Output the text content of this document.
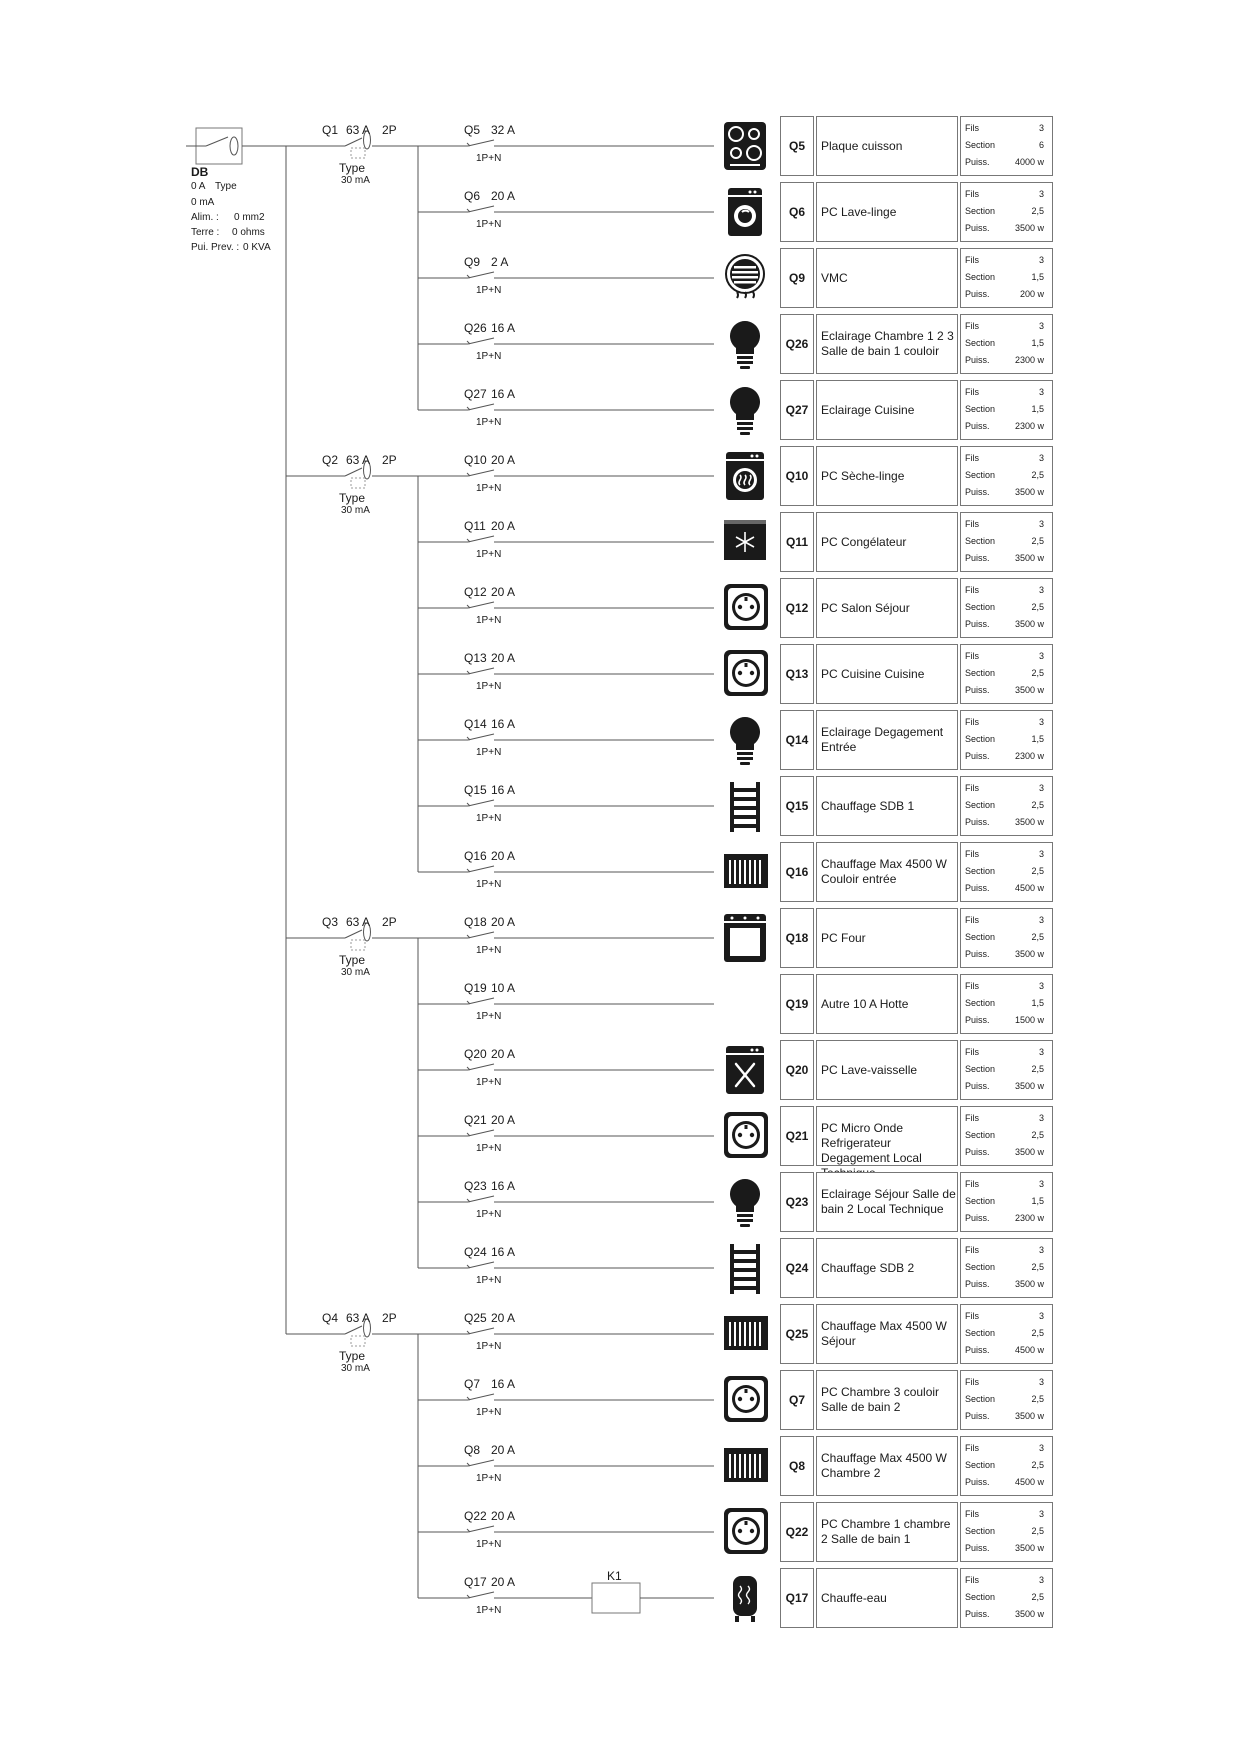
DB
0 A Type
0 mA
Alim. : 0 mm2
Terre : 0 ohms
Pui. Prev. : 0 KVA
Q1 63 A 2P
Type
30 mA
Q5 32 A
1P+N
Q5	Plaque cuisson
Fils	3
Section	6
Puiss.	4000 w
Q6 20 A
1P+N
Q6	PC Lave-linge
Fils	3
Section	2,5
Puiss.	3500 w
Q9 2 A
1P+N
Q9	VMC
Fils	3
Section	1,5
Puiss.	200 w
Q26 16 A
1P+N
Q26
Eclairage Chambre 1 2 3 Salle de bain 1 couloir
Fils	3
Section	1,5
Puiss.	2300 w
Q27 16 A
1P+N
Q27	Eclairage Cuisine
Fils	3
Section	1,5
Puiss.	2300 w
Q2 63 A 2P
Type
30 mA
Q10 20 A
1P+N
Q10	PC Sèche-linge
Fils	3
Section	2,5
Puiss.	3500 w
Q11 20 A
1P+N
Q11	PC Congélateur
Fils	3
Section	2,5
Puiss.	3500 w
Q12 20 A
1P+N
Q12	PC Salon Séjour
Fils	3
Section	2,5
Puiss.	3500 w
Q13 20 A
1P+N
Q13	PC Cuisine Cuisine
Fils	3
Section	2,5
Puiss.	3500 w
Q14 16 A
1P+N
Q14
Eclairage Degagement Entrée
Fils	3
Section	1,5
Puiss.	2300 w
Q15 16 A
1P+N
Q15	Chauffage SDB 1
Fils	3
Section	2,5
Puiss.	3500 w
Q16 20 A
1P+N
Q16
Chauffage Max 4500 W Couloir entrée
Fils	3
Section	2,5
Puiss.	4500 w
Q3 63 A 2P
Type
30 mA
Q18 20 A
1P+N
Q18	PC Four
Fils	3
Section	2,5
Puiss.	3500 w
Q19 10 A
1P+N
Q19	Autre 10 A Hotte
Fils	3
Section	1,5
Puiss.	1500 w
Q20 20 A
1P+N
Q20	PC Lave-vaisselle
Fils	3
Section	2,5
Puiss.	3500 w
Q21 20 A
1P+N
Q21
PC Micro Onde Refrigerateur Degagement Local
Fils	3
Section	2,5
Puiss.	3500 w
Q23 16 A
1P+N
Q23
Eclairage Séjour Salle de bain 2 Local Technique
Fils	3
Section	1,5
Puiss.	2300 w
Q24 16 A
1P+N
Q24	Chauffage SDB 2
Fils	3
Section	2,5
Puiss.	3500 w
Q4 63 A 2P
Type
30 mA
Q25 20 A
1P+N
Q25
Chauffage Max 4500 W Séjour
Fils	3
Section	2,5
Puiss.	4500 w
Q7 16 A
1P+N
Q7
PC Chambre 3 couloir Salle de bain 2
Fils	3
Section	2,5
Puiss.	3500 w
Q8 20 A
1P+N
Q8
Chauffage Max 4500 W Chambre 2
Fils	3
Section	2,5
Puiss.	4500 w
Q22 20 A
1P+N
Q22
PC Chambre 1 chambre 2 Salle de bain 1
Fils	3
Section	2,5
Puiss.	3500 w
Q17 20 A
1P+N
K1
Q17	Chauffe-eau
Fils	3
Section	2,5
Puiss.	3500 w
